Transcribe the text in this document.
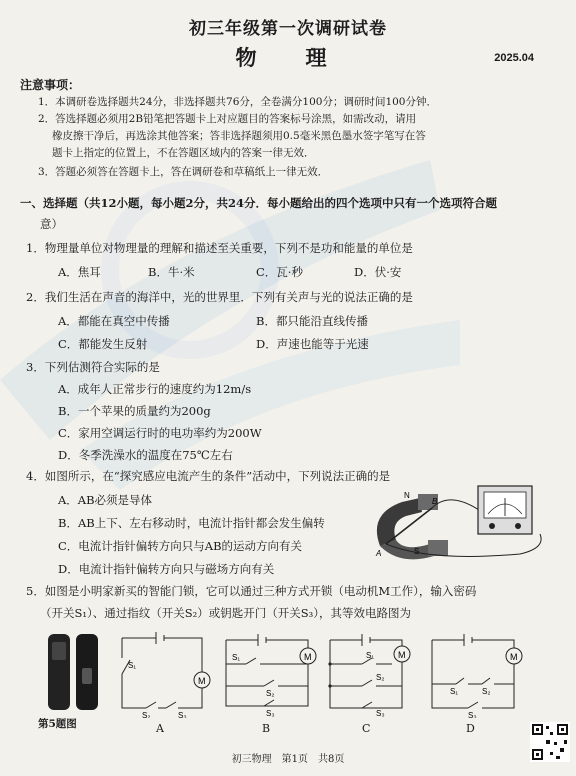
初三年级第一次调研试卷
物　理	2025.04
注意事项：
1．本调研卷选择题共24分，非选择题共76分，全卷满分100分；调研时间100分钟．
2．答选择题必须用2B铅笔把答题卡上对应题目的答案标号涂黑，如需改动，请用
橡皮擦干净后，再选涂其他答案；答非选择题须用0.5毫米黑色墨水签字笔写在答
题卡上指定的位置上，不在答题区域内的答案一律无效．
3．答题必须答在答题卡上，答在调研卷和草稿纸上一律无效．
一、选择题（共12小题，每小题2分，共24分．每小题给出的四个选项中只有一个选项符合题
意）
1．物理量单位对物理量的理解和描述至关重要，下列不是功和能量的单位是
A．焦耳	B．牛·米	C．瓦·秒	D．伏·安
2．我们生活在声音的海洋中，光的世界里．下列有关声与光的说法正确的是
A．都能在真空中传播	B．都只能沿直线传播
C．都能发生反射	D．声速也能等于光速
3．下列估测符合实际的是
A．成年人正常步行的速度约为12m/s
B．一个苹果的质量约为200g
C．家用空调运行时的电功率约为200W
D．冬季洗澡水的温度在75℃左右
4．如图所示，在“探究感应电流产生的条件”活动中，下列说法正确的是
A．AB必须是导体
B．AB上下、左右移动时，电流计指针都会发生偏转
C．电流计指针偏转方向只与AB的运动方向有关
D．电流计指针偏转方向只与磁场方向有关
N
S
A
B
5．如图是小明家新买的智能门锁，它可以通过三种方式开锁（电动机M工作），输入密码
（开关S₁）、通过指纹（开关S₂）或钥匙开门（开关S₃），其等效电路图为
第5题图
M
S₁
S₂	S₃
A
M
S₁
S₂
S₃
B
M
S₁
S₂
S₃
C
M
S₁	S₂
S₃
D
初三物理　第1页　共8页
